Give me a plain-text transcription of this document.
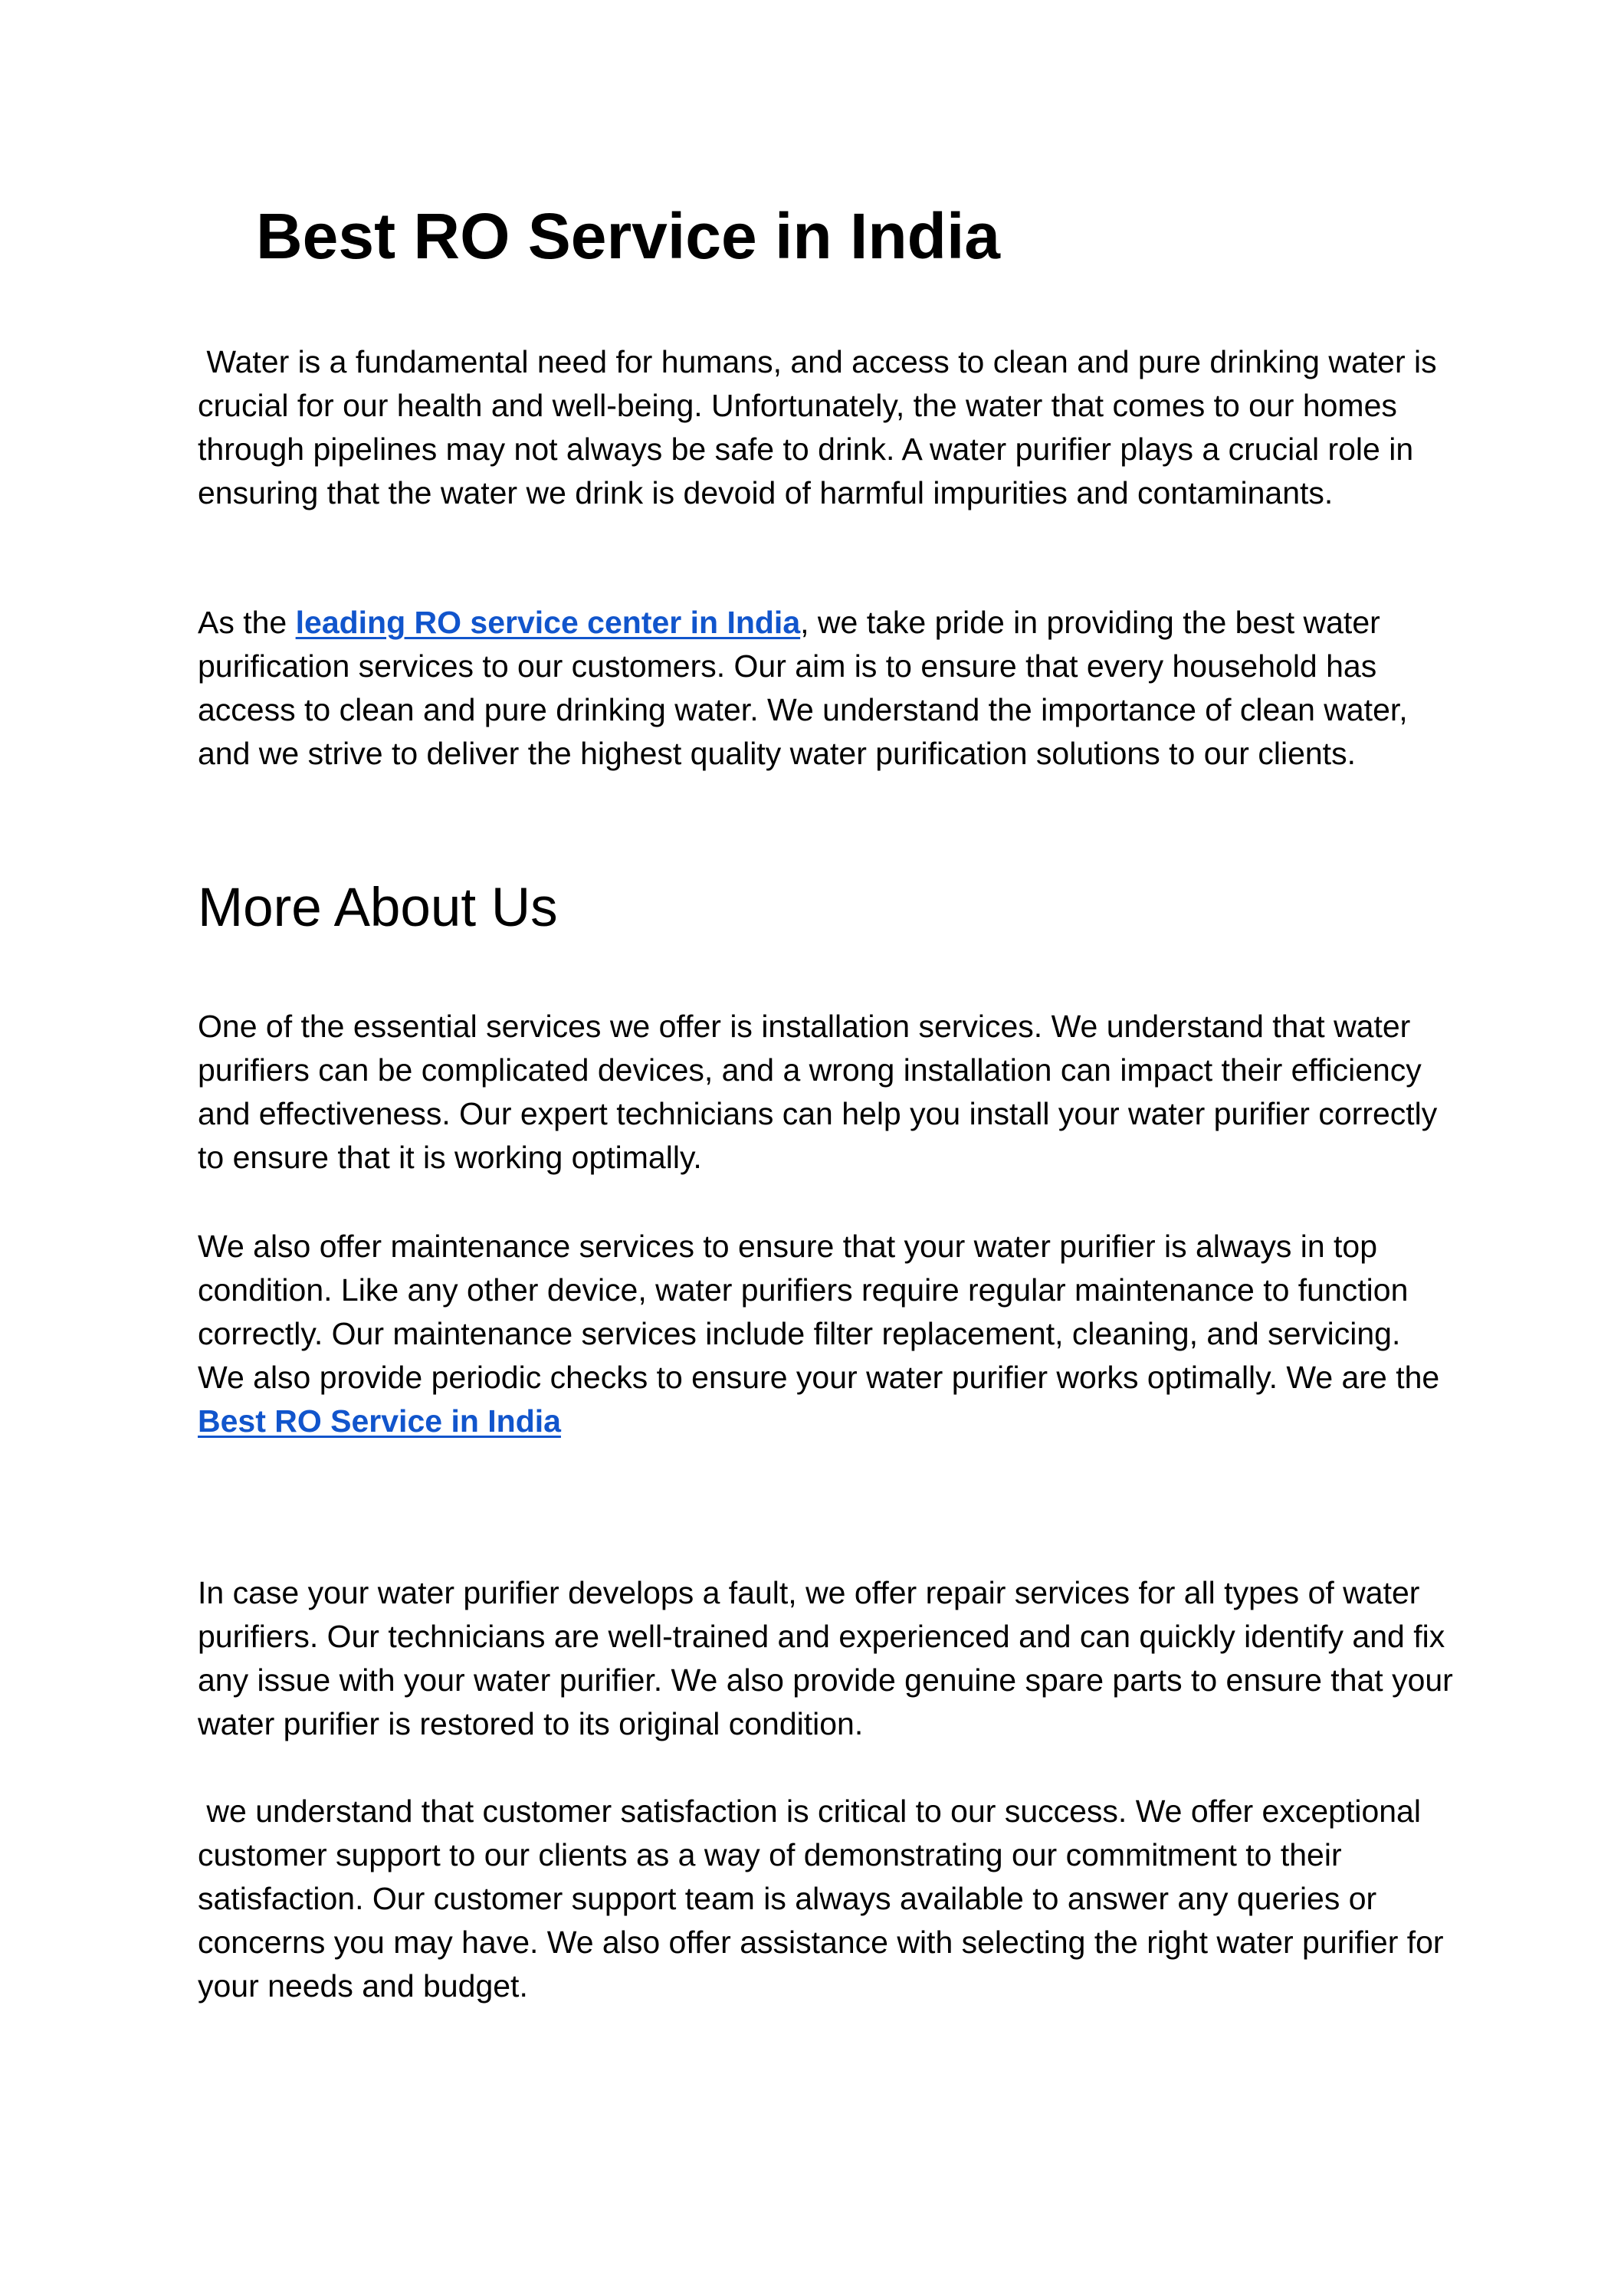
Best RO Service in India

Water is a fundamental need for humans, and access to clean and pure drinking water is crucial for our health and well-being. Unfortunately, the water that comes to our homes through pipelines may not always be safe to drink. A water purifier plays a crucial role in ensuring that the water we drink is devoid of harmful impurities and contaminants.

As the leading RO service center in India, we take pride in providing the best water purification services to our customers. Our aim is to ensure that every household has access to clean and pure drinking water. We understand the importance of clean water, and we strive to deliver the highest quality water purification solutions to our clients.

More About Us

One of the essential services we offer is installation services. We understand that water purifiers can be complicated devices, and a wrong installation can impact their efficiency and effectiveness. Our expert technicians can help you install your water purifier correctly to ensure that it is working optimally.

We also offer maintenance services to ensure that your water purifier is always in top condition. Like any other device, water purifiers require regular maintenance to function correctly. Our maintenance services include filter replacement, cleaning, and servicing. We also provide periodic checks to ensure your water purifier works optimally. We are the Best RO Service in India

In case your water purifier develops a fault, we offer repair services for all types of water purifiers. Our technicians are well-trained and experienced and can quickly identify and fix any issue with your water purifier. We also provide genuine spare parts to ensure that your water purifier is restored to its original condition.

we understand that customer satisfaction is critical to our success. We offer exceptional customer support to our clients as a way of demonstrating our commitment to their satisfaction. Our customer support team is always available to answer any queries or concerns you may have. We also offer assistance with selecting the right water purifier for your needs and budget.
